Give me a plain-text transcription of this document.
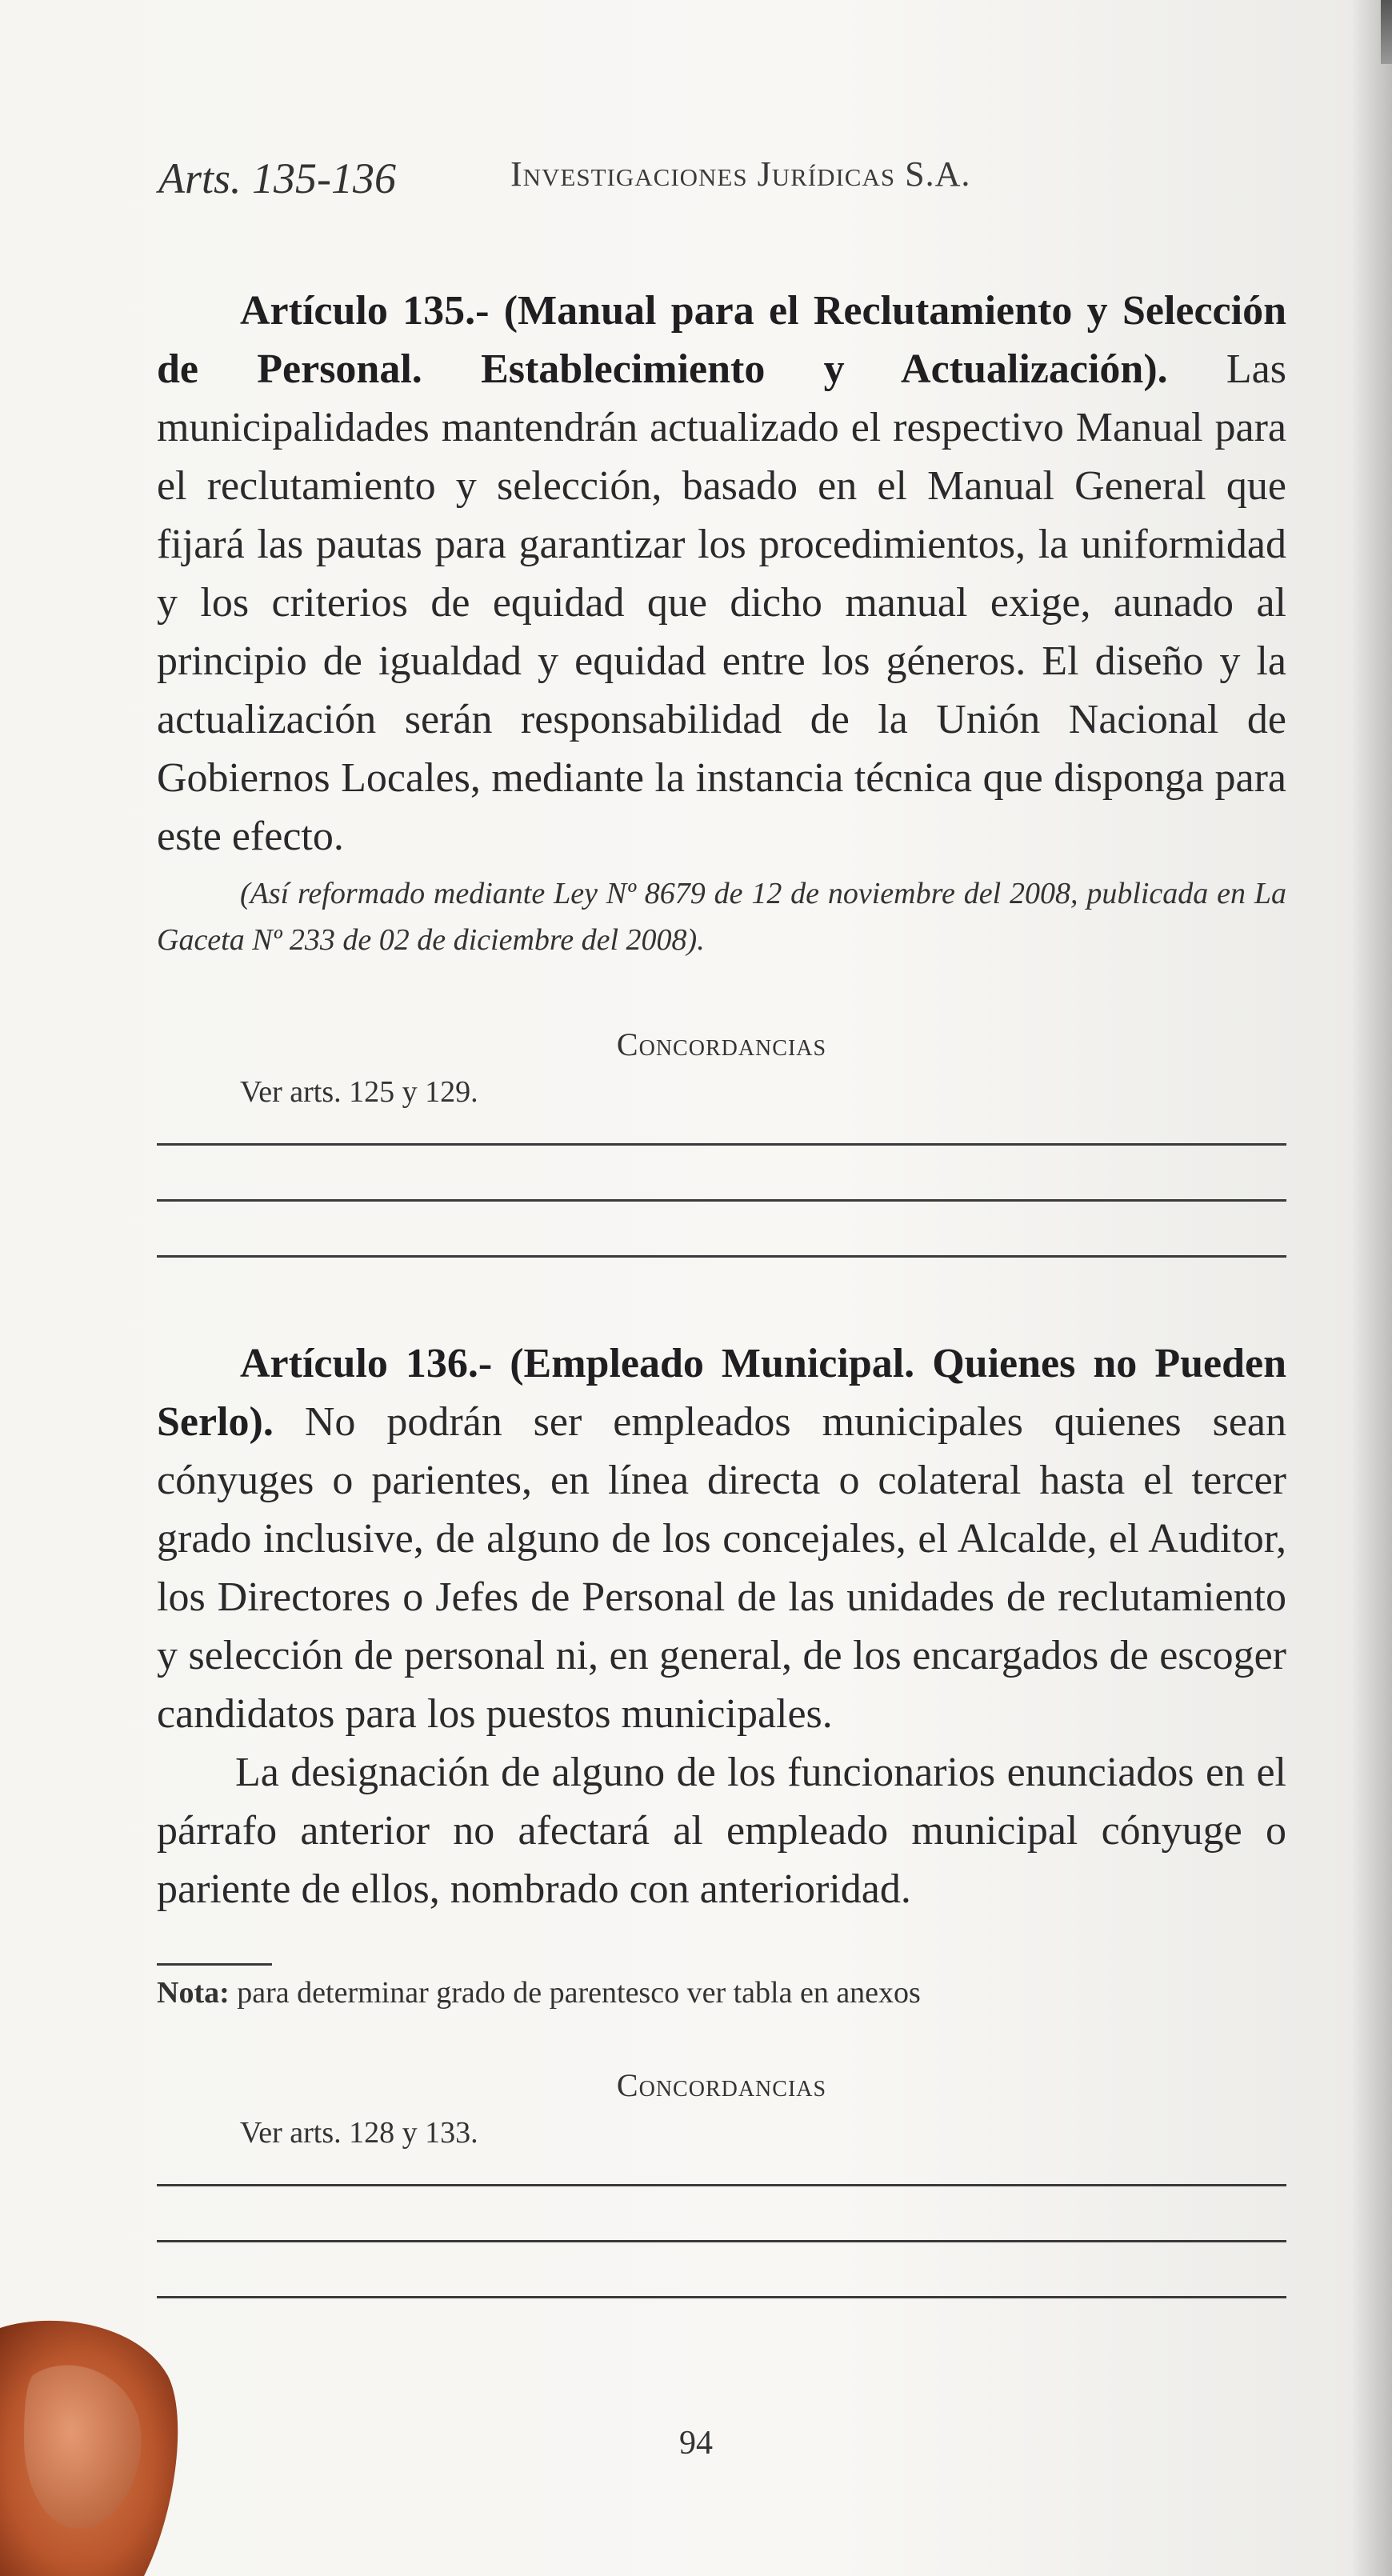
Arts. 135-136	Investigaciones Jurídicas S.A.

Artículo 135.- (Manual para el Reclutamiento y Selección de Personal. Establecimiento y Actualización). Las municipalidades mantendrán actualizado el respectivo Manual para el reclutamiento y selección, basado en el Manual General que fijará las pautas para garantizar los procedimientos, la uniformidad y los criterios de equidad que dicho manual exige, aunado al principio de igualdad y equidad entre los géneros. El diseño y la actualización serán responsabilidad de la Unión Nacional de Gobiernos Locales, mediante la instancia técnica que disponga para este efecto.

(Así reformado mediante Ley Nº 8679 de 12 de noviembre del 2008, publicada en La Gaceta Nº 233 de 02 de diciembre del 2008).

Concordancias
Ver arts. 125 y 129.

Artículo 136.- (Empleado Municipal. Quienes no Pueden Serlo). No podrán ser empleados municipales quienes sean cónyuges o parientes, en línea directa o colateral hasta el tercer grado inclusive, de alguno de los concejales, el Alcalde, el Auditor, los Directores o Jefes de Personal de las unidades de reclutamiento y selección de personal ni, en general, de los encargados de escoger candidatos para los puestos municipales.

La designación de alguno de los funcionarios enunciados en el párrafo anterior no afectará al empleado municipal cónyuge o pariente de ellos, nombrado con anterioridad.

Nota: para determinar grado de parentesco ver tabla en anexos
Concordancias
Ver arts. 128 y 133.
94
